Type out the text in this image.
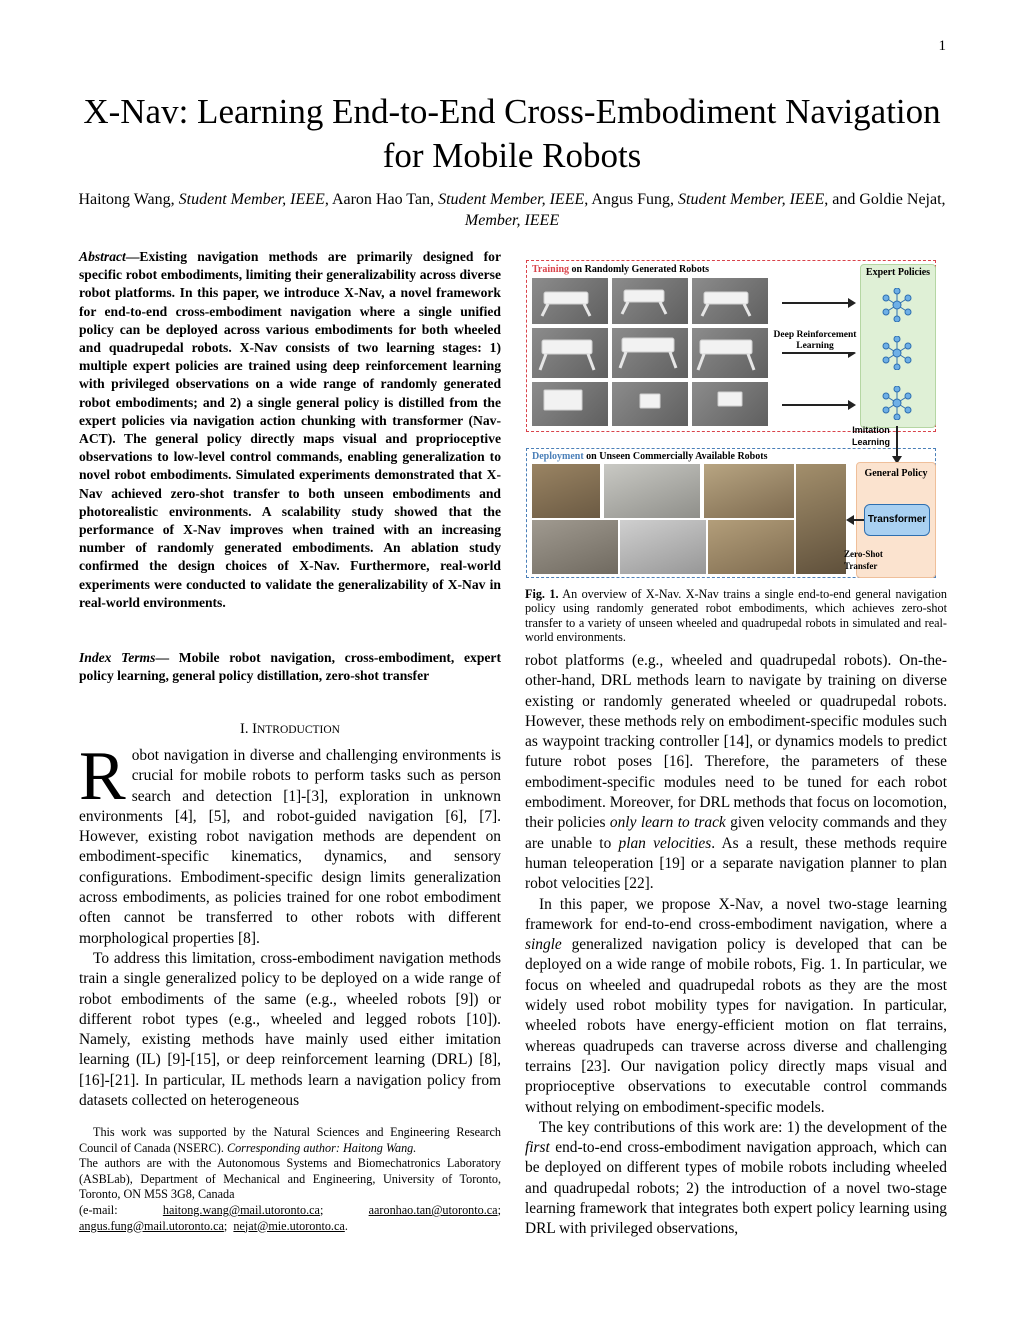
1
X-Nav: Learning End-to-End Cross-Embodiment Navigation for Mobile Robots
Haitong Wang, Student Member, IEEE, Aaron Hao Tan, Student Member, IEEE, Angus Fung, Student Member, IEEE, and Goldie Nejat, Member, IEEE
Abstract—Existing navigation methods are primarily designed for specific robot embodiments, limiting their generalizability across diverse robot platforms. In this paper, we introduce X-Nav, a novel framework for end-to-end cross-embodiment navigation where a single unified policy can be deployed across various embodiments for both wheeled and quadrupedal robots. X-Nav consists of two learning stages: 1) multiple expert policies are trained using deep reinforcement learning with privileged observations on a wide range of randomly generated robot embodiments; and 2) a single general policy is distilled from the expert policies via navigation action chunking with transformer (Nav-ACT). The general policy directly maps visual and proprioceptive observations to low-level control commands, enabling generalization to novel robot embodiments. Simulated experiments demonstrated that X-Nav achieved zero-shot transfer to both unseen embodiments and photorealistic environments. A scalability study showed that the performance of X-Nav improves when trained with an increasing number of randomly generated embodiments. An ablation study confirmed the design choices of X-Nav. Furthermore, real-world experiments were conducted to validate the generalizability of X-Nav in real-world environments.
Index Terms— Mobile robot navigation, cross-embodiment, expert policy learning, general policy distillation, zero-shot transfer
I. INTRODUCTION

Robot navigation in diverse and challenging environments is crucial for mobile robots to perform tasks such as person search and detection [1]-[3], exploration in unknown environments [4], [5], and robot-guided navigation [6], [7]. However, existing robot navigation methods are dependent on embodiment-specific kinematics, dynamics, and sensory configurations. Embodiment-specific design limits generalization across embodiments, as policies trained for one robot embodiment often cannot be transferred to other robots with different morphological properties [8].

To address this limitation, cross-embodiment navigation methods train a single generalized policy to be deployed on a wide range of robot embodiments of the same (e.g., wheeled robots [9]) or different robot types (e.g., wheeled and legged robots [10]). Namely, existing methods have mainly used either imitation learning (IL) [9]-[15], or deep reinforcement learning (DRL) [8], [16]-[21]. In particular, IL methods learn a navigation policy from datasets collected on heterogeneous

This work was supported by the Natural Sciences and Engineering Research Council of Canada (NSERC). Corresponding author: Haitong Wang.

The authors are with the Autonomous Systems and Biomechatronics Laboratory (ASBLab), Department of Mechanical and Engineering, University of Toronto, Toronto, ON M5S 3G8, Canada

(e-mail:	haitong.wang@mail.utoronto.ca;        aaronhao.tan@utoronto.ca; angus.fung@mail.utoronto.ca;  nejat@mie.utoronto.ca.

Training on Randomly Generated Robots
Deep Reinforcement Learning
Expert Policies
Imitation Learning
Deployment on Unseen Commercially Available Robots
General Policy
Transformer
Zero-Shot Transfer
Fig. 1. An overview of X-Nav. X-Nav trains a single end-to-end general navigation policy using randomly generated robot embodiments, which achieves zero-shot transfer to a variety of unseen wheeled and quadrupedal robots in simulated and real-world environments.

robot platforms (e.g., wheeled and quadrupedal robots). On-the-other-hand, DRL methods learn to navigate by training on diverse existing or randomly generated wheeled or quadrupedal robots. However, these methods rely on embodiment-specific modules such as waypoint tracking controller [14], or dynamics models to predict future robot poses [16]. Therefore, the parameters of these embodiment-specific modules need to be tuned for each robot embodiment. Moreover, for DRL methods that focus on locomotion, their policies only learn to track given velocity commands and they are unable to plan velocities. As a result, these methods require human teleoperation [19] or a separate navigation planner to plan robot velocities [22].

In this paper, we propose X-Nav, a novel two-stage learning framework for end-to-end cross-embodiment navigation, where a single generalized navigation policy is developed that can be deployed on a wide range of mobile robots, Fig. 1. In particular, we focus on wheeled and quadrupedal robots as they are the most widely used robot mobility types for navigation. In particular, wheeled robots have energy-efficient motion on flat terrains, whereas quadrupeds can traverse across diverse and challenging terrains [23]. Our navigation policy directly maps visual and proprioceptive observations to executable control commands without relying on embodiment-specific models.

The key contributions of this work are: 1) the development of the first end-to-end cross-embodiment navigation approach, which can be deployed on different types of mobile robots including wheeled and quadrupedal robots; 2) the introduction of a novel two-stage learning framework that integrates both expert policy learning using DRL with privileged observations,
